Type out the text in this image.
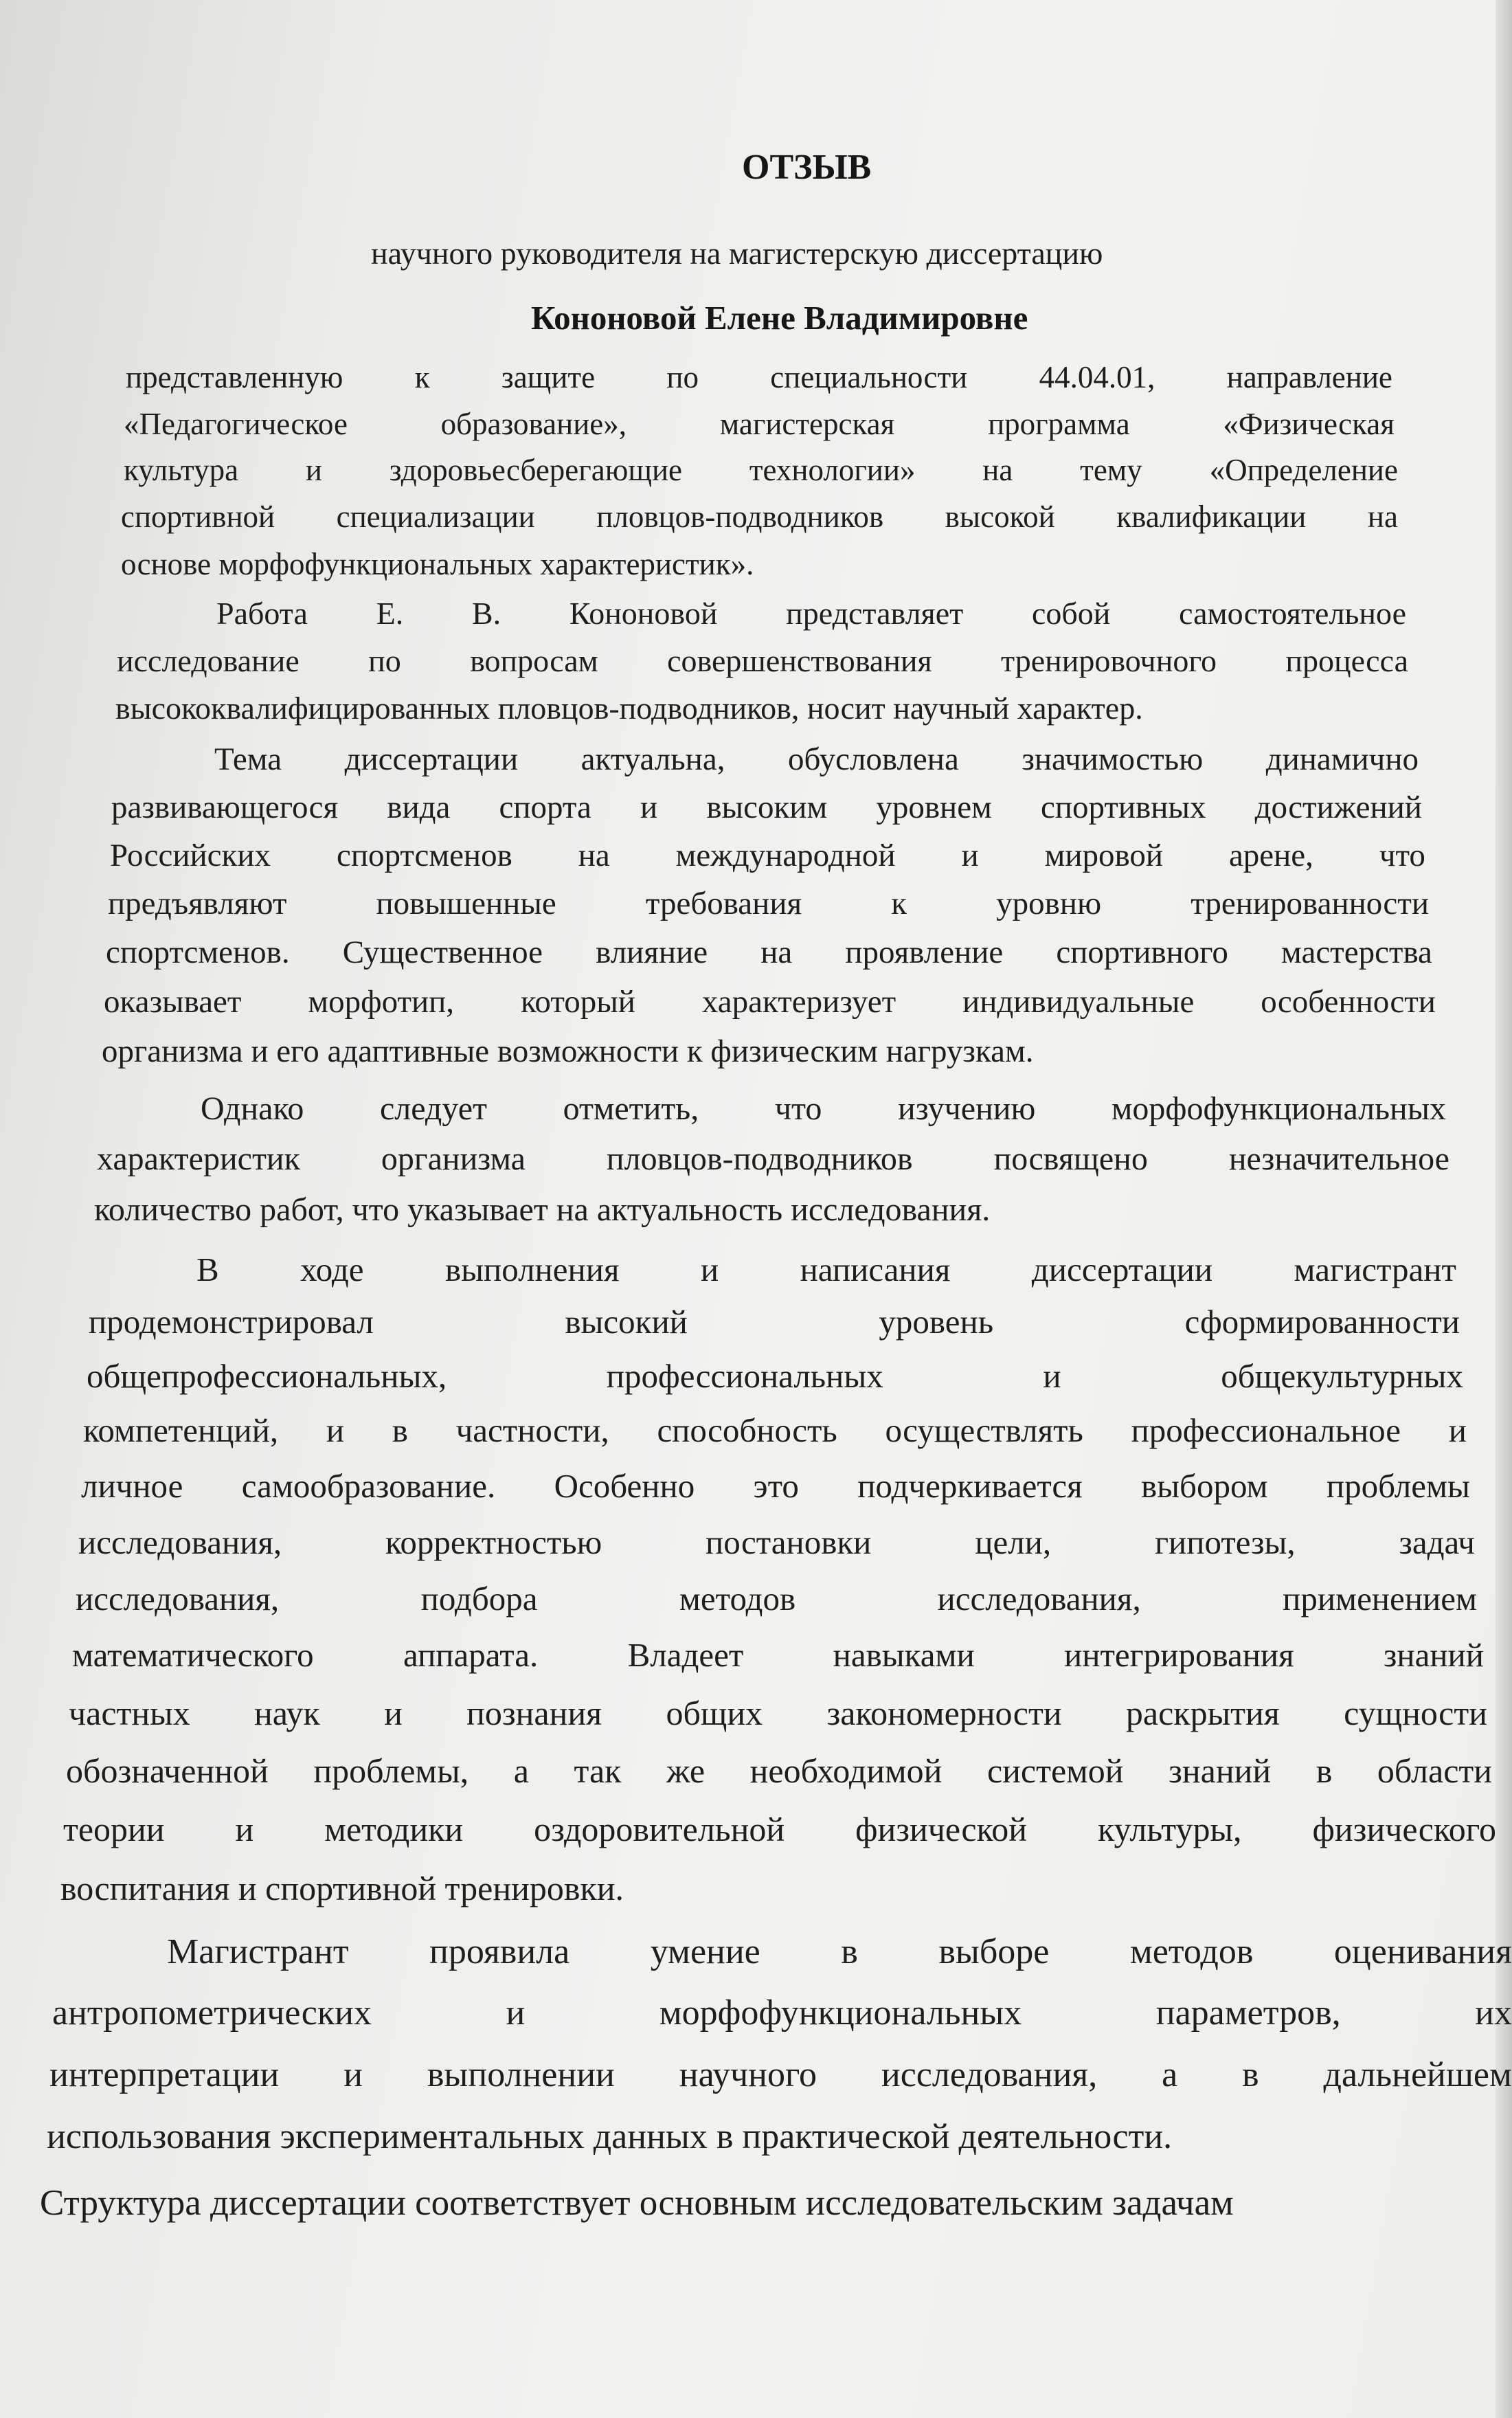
ОТЗЫВ
научного руководителя на магистерскую диссертацию
Кононовой Елене Владимировне
представленную к защите по специальности 44.04.01, направление
«Педагогическое	образование»,	магистерская	программа	«Физическая
культура и здоровьесберегающие технологии» на тему «Определение
спортивной специализации пловцов-подводников высокой квалификации на
основе морфофункциональных характеристик».
Работа Е. В. Кононовой представляет собой самостоятельное
исследование по вопросам совершенствования тренировочного процесса
высококвалифицированных пловцов-подводников, носит научный характер.
Тема диссертации актуальна, обусловлена значимостью динамично
развивающегося вида спорта и высоким уровнем спортивных достижений
Российских спортсменов на международной и мировой арене, что
предъявляют	повышенные	требования	к	уровню	тренированности
спортсменов. Существенное влияние на проявление спортивного мастерства
оказывает морфотип, который характеризует индивидуальные особенности
организма и его адаптивные возможности к физическим нагрузкам.
Однако следует отметить, что изучению морфофункциональных
характеристик организма пловцов-подводников посвящено незначительное
количество работ, что указывает на актуальность исследования.
В ходе выполнения и написания диссертации магистрант
продемонстрировал	высокий	уровень	сформированности
общепрофессиональных,	профессиональных	и	общекультурных
компетенций, и в частности, способность осуществлять профессиональное и
личное самообразование. Особенно это подчеркивается выбором проблемы
исследования,	корректностью	постановки	цели,	гипотезы,	задач
исследования,	подбора	методов	исследования,	применением
математического	аппарата.	Владеет	навыками	интегрирования	знаний
частных наук и познания общих закономерности раскрытия сущности
обозначенной проблемы, а так же необходимой системой знаний в области
теории и методики оздоровительной физической культуры, физического
воспитания и спортивной тренировки.
Магистрант проявила умение в выборе методов оценивания
антропометрических	и	морфофункциональных	параметров,	их
интерпретации и выполнении научного исследования, а в дальнейшем
использования экспериментальных данных в практической деятельности.
Структура диссертации соответствует основным исследовательским задачам
